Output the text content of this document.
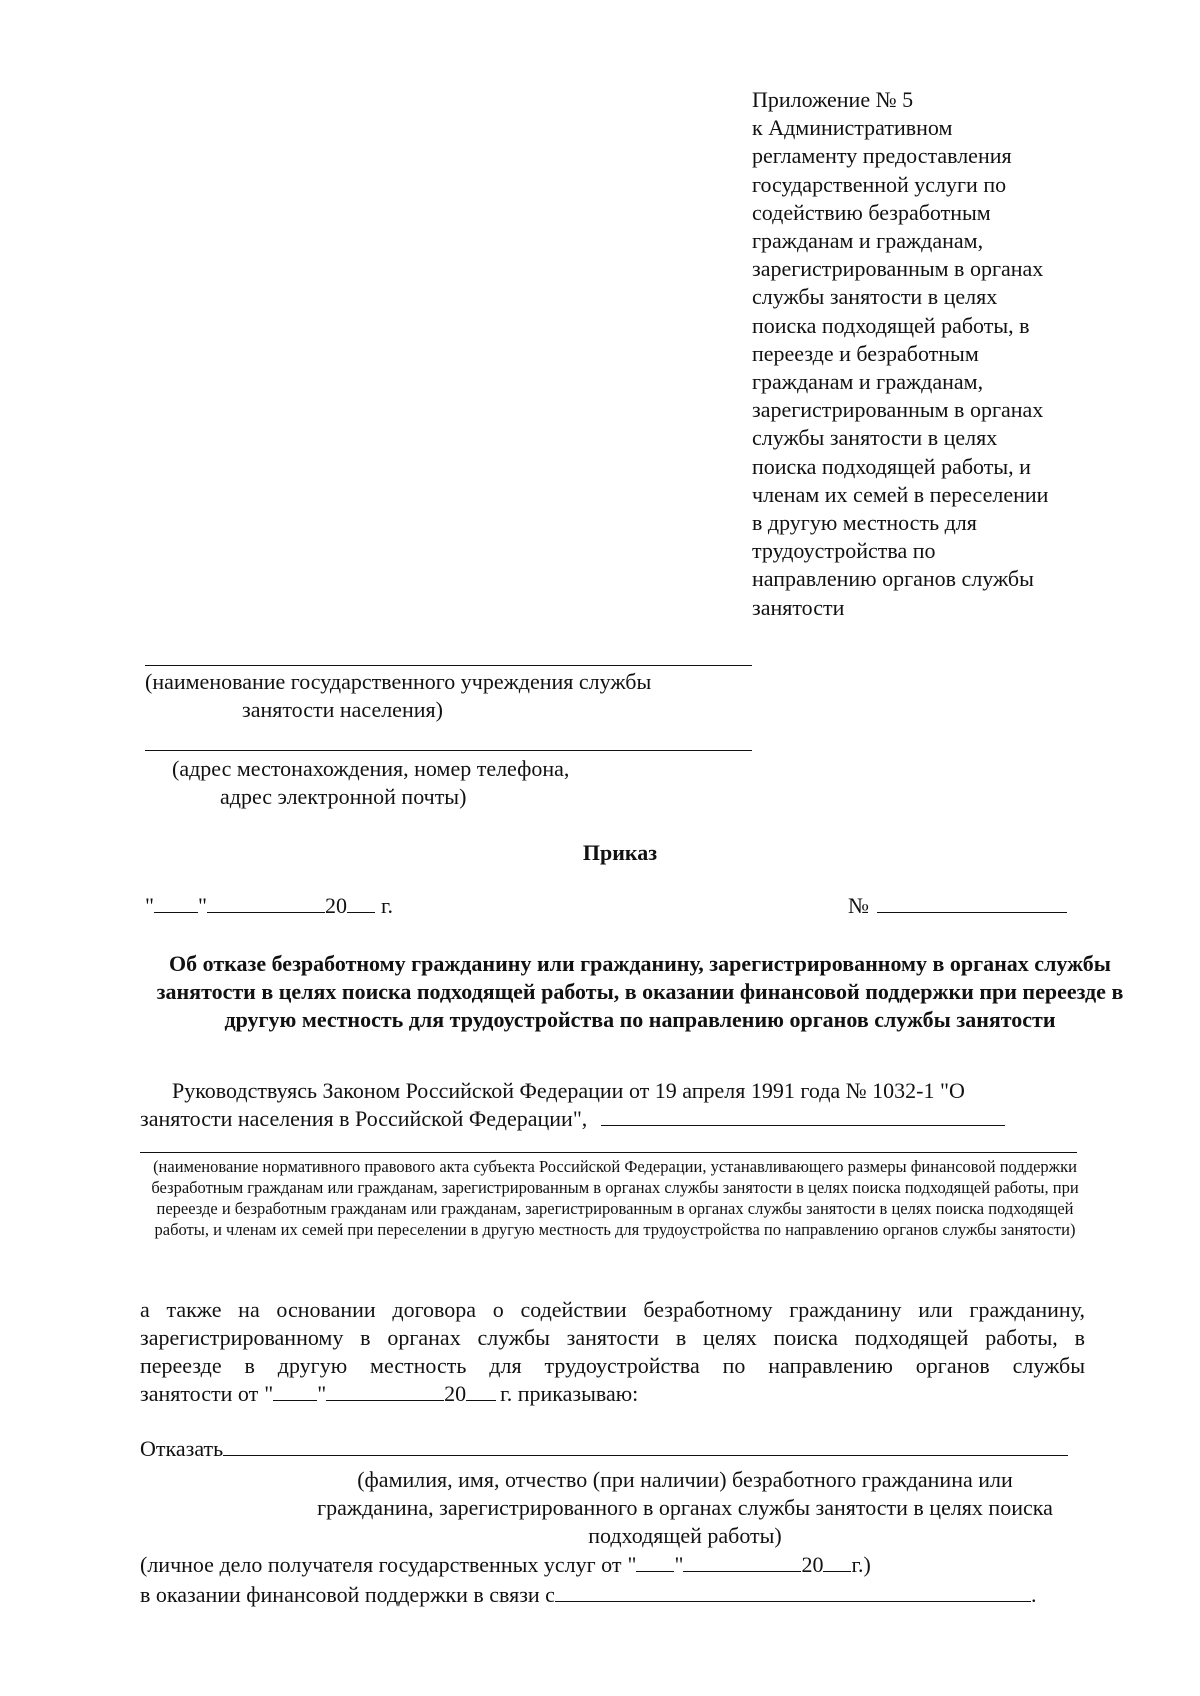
Приложение № 5
к Административном
регламенту предоставления
государственной услуги по
содействию безработным
гражданам и гражданам,
зарегистрированным в органах
службы занятости в целях
поиска подходящей работы, в
переезде и безработным
гражданам и гражданам,
зарегистрированным в органах
службы занятости в целях
поиска подходящей работы, и
членам их семей в переселении
в другую местность для
трудоустройства по
направлению органов службы
занятости
(наименование государственного учреждения службы
занятости населения)
(адрес местонахождения, номер телефона,
адрес электронной почты)
Приказ
" "	20 г.	№
Об отказе безработному гражданину или гражданину, зарегистрированному в органах службы занятости в целях поиска подходящей работы, в оказании финансовой поддержки при переезде в другую местность для трудоустройства по направлению органов службы занятости
Руководствуясь Законом Российской Федерации от 19 апреля 1991 года № 1032-1 "О
занятости населения в Российской Федерации",
(наименование нормативного правового акта субъекта Российской Федерации, устанавливающего размеры финансовой поддержки безработным гражданам или гражданам, зарегистрированным в органах службы занятости в целях поиска подходящей работы, при переезде и безработным гражданам или гражданам, зарегистрированным в органах службы занятости в целях поиска подходящей работы, и членам их семей при переселении в другую местность для трудоустройства по направлению органов службы занятости)
а также на основании договора о содействии безработному гражданину или гражданину,
зарегистрированному в органах службы занятости в целях поиска подходящей работы, в
переезде в другую местность для трудоустройства по направлению органов службы
занятости от " "	20 г. приказываю:
Отказать
(фамилия, имя, отчество (при наличии) безработного гражданина или гражданина, зарегистрированного в органах службы занятости в целях поиска подходящей работы)
(личное дело получателя государственных услуг от " "	20 г.)
в оказании финансовой поддержки в связи с	.
